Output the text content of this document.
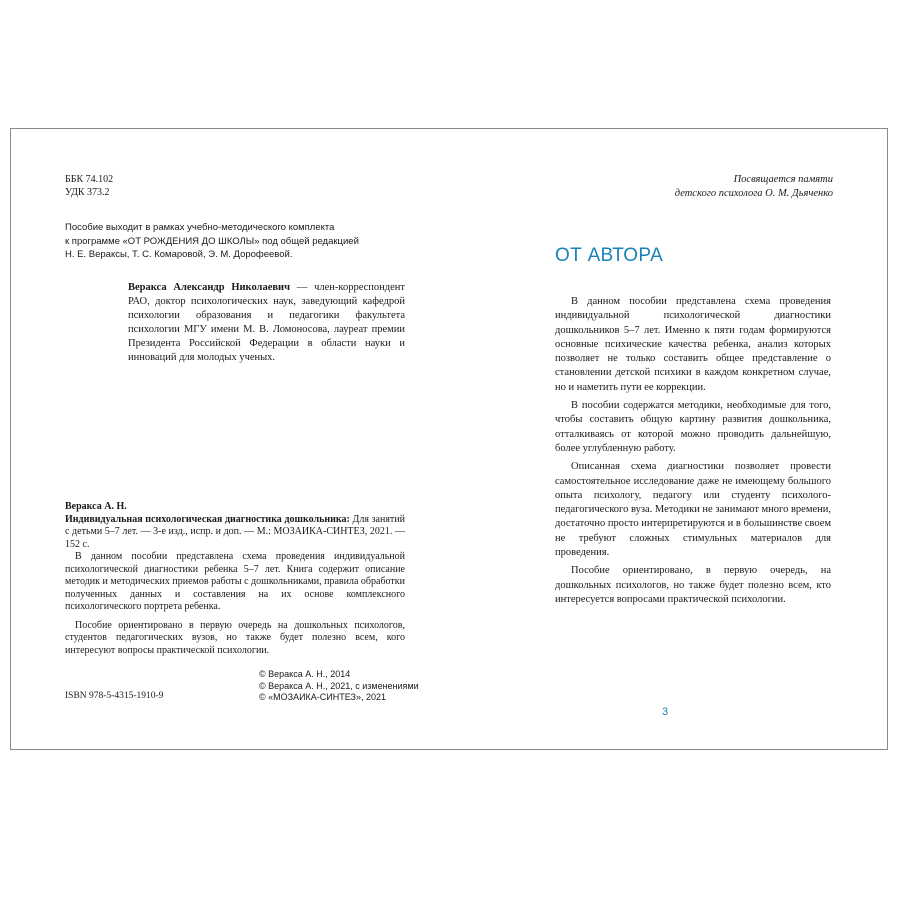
ББК 74.102
УДК 373.2
Пособие выходит в рамках учебно-методического комплекта
к программе «ОТ РОЖДЕНИЯ ДО ШКОЛЫ» под общей редакцией
Н. Е. Вераксы, Т. С. Комаровой, Э. М. Дорофеевой.
Веракса Александр Николаевич — член-корреспондент РАО, доктор психологических наук, заведующий кафедрой психологии образования и педагогики факультета психологии МГУ имени М. В. Ломоносова, лауреат премии Президента Российской Федерации в области науки и инноваций для молодых ученых.
Веракса А. Н.
Индивидуальная психологическая диагностика дошкольника: Для занятий с детьми 5–7 лет. — 3-е изд., испр. и доп. — М.: МОЗАИКА-СИНТЕЗ, 2021. — 152 с.

В данном пособии представлена схема проведения индивидуальной психологической диагностики ребенка 5–7 лет. Книга содержит описание методик и методических приемов работы с дошкольниками, правила обработки полученных данных и составления на их основе комплексного психологического портрета ребенка.

Пособие ориентировано в первую очередь на дошкольных психологов, студентов педагогических вузов, но также будет полезно всем, кого интересуют вопросы практической психологии.

© Веракса А. Н., 2014
© Веракса А. Н., 2021, с изменениями
© «МОЗАИКА-СИНТЕЗ», 2021
ISBN 978-5-4315-1910-9
Посвящается памяти
детского психолога О. М. Дьяченко
ОТ АВТОРА

В данном пособии представлена схема проведения индивидуальной психологической диагностики дошкольников 5–7 лет. Именно к пяти годам формируются основные психические качества ребенка, анализ которых позволяет не только составить общее представление о становлении детской психики в каждом конкретном случае, но и наметить пути ее коррекции.

В пособии содержатся методики, необходимые для того, чтобы составить общую картину развития дошкольника, отталкиваясь от которой можно проводить дальнейшую, более углубленную работу.

Описанная схема диагностики позволяет провести самостоятельное исследование даже не имеющему большого опыта психологу, педагогу или студенту психолого-педагогического вуза. Методики не занимают много времени, достаточно просто интерпретируются и в большинстве своем не требуют сложных стимульных материалов для проведения.

Пособие ориентировано, в первую очередь, на дошкольных психологов, но также будет полезно всем, кто интересуется вопросами практической психологии.

3
